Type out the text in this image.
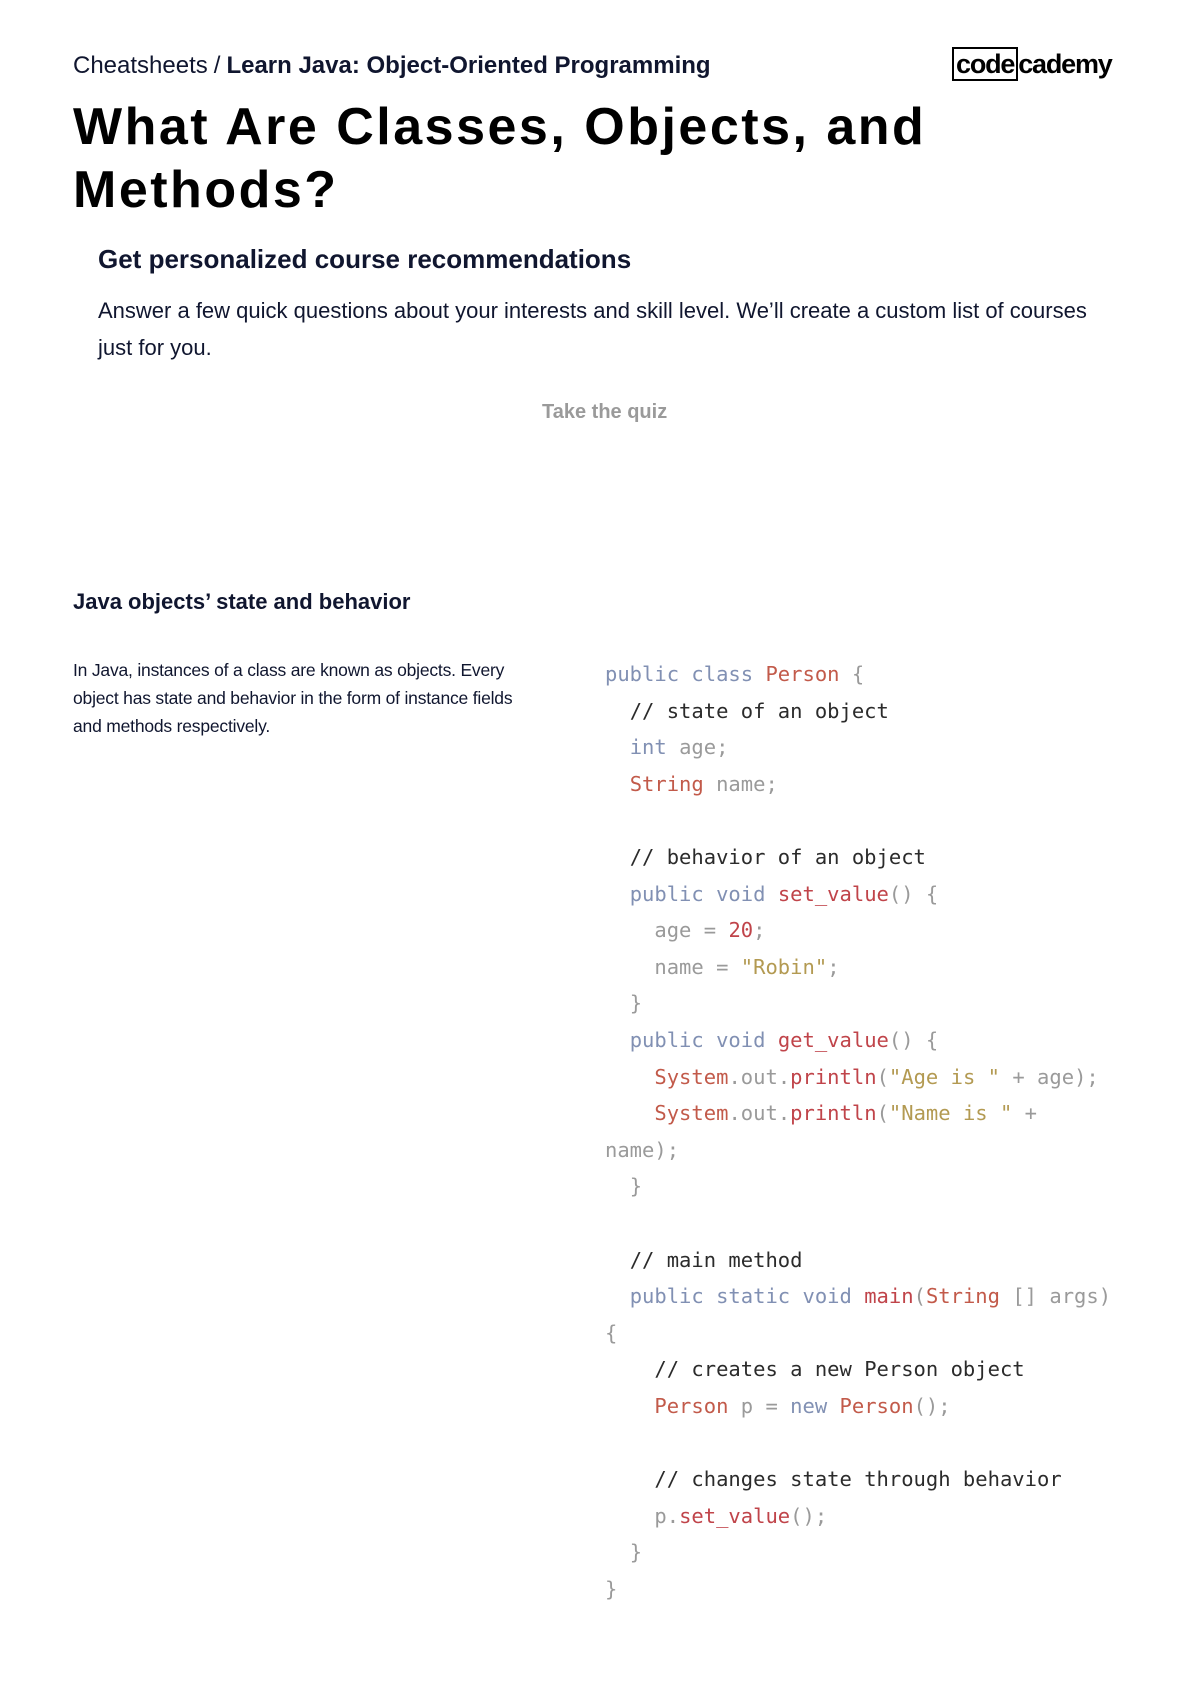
Cheatsheets / Learn Java: Object-Oriented Programming	code cademy
What Are Classes, Objects, and Methods?
Get personalized course recommendations

Answer a few quick questions about your interests and skill level. We’ll create a custom list of courses just for you.

Take the quiz
Java objects’ state and behavior

In Java, instances of a class are known as objects. Every object has state and behavior in the form of instance fields and methods respectively.

public class Person {
// state of an object
int age;
String name;
// behavior of an object
public void set_value() {
age = 20;
name = "Robin";
}
public void get_value() {
System.out.println("Age is " + age);
System.out.println("Name is " +
name);
}
// main method
public static void main(String [] args)
{
// creates a new Person object
Person p = new Person();
// changes state through behavior
p.set_value();
}
}
